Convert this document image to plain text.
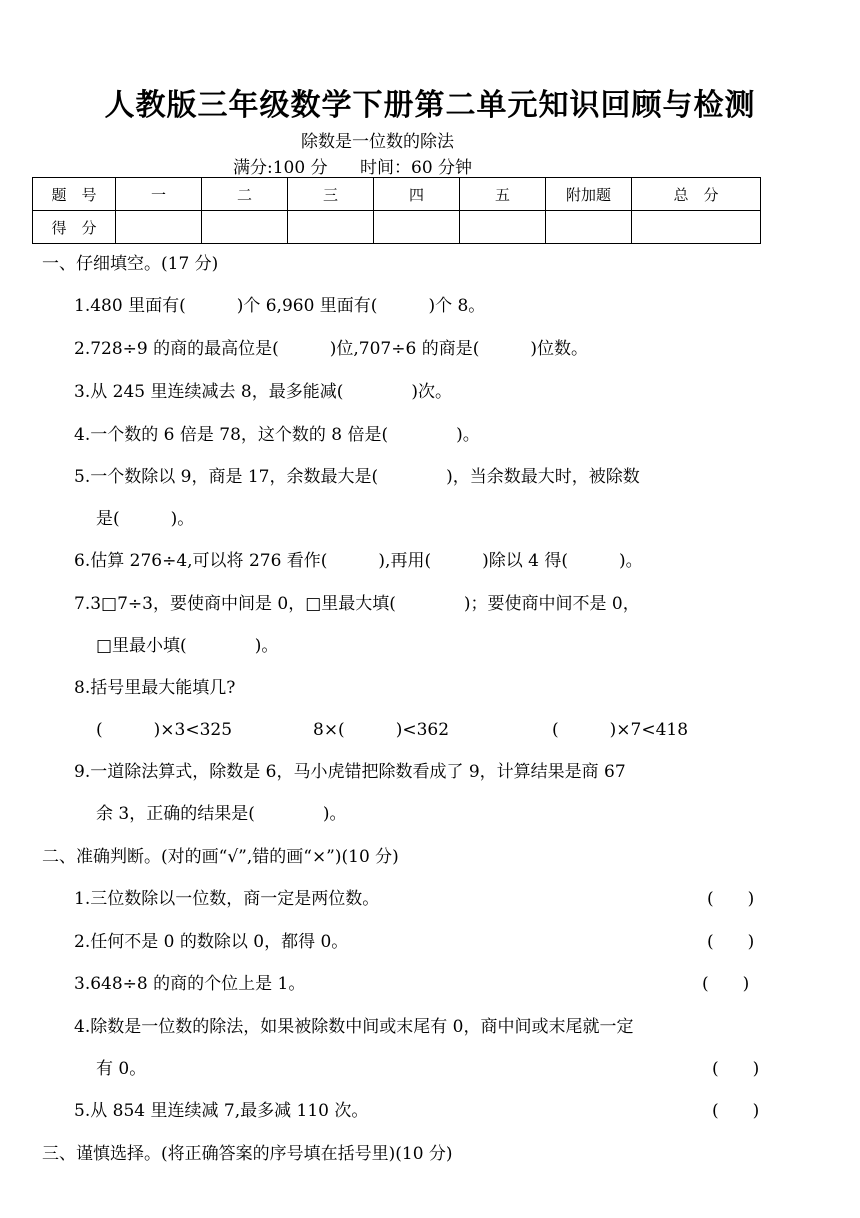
人教版三年级数学下册第二单元知识回顾与检测
除数是一位数的除法
满分:100 分      时间：60 分钟
题　号	一	二	三	四	五	附加题	总　分
得　分							
一、仔细填空。(17 分)
1.480 里面有(　　　)个 6,960 里面有(　　　)个 8。
2.728÷9 的商的最高位是(　　　)位,707÷6 的商是(　　　)位数。
3.从 245 里连续减去 8，最多能减(　　　　)次。
4.一个数的 6 倍是 78，这个数的 8 倍是(　　　　)。
5.一个数除以 9，商是 17，余数最大是(　　　　)，当余数最大时，被除数
是(　　　)。
6.估算 276÷4,可以将 276 看作(　　　),再用(　　　)除以 4 得(　　　)。
7.3□7÷3，要使商中间是 0，□里最大填(　　　　)；要使商中间不是 0，
□里最小填(　　　　)。
8.括号里最大能填几?
(　　　)×3<325	8×(　　　)<362	(　　　)×7<418
9.一道除法算式，除数是 6，马小虎错把除数看成了 9，计算结果是商 67
余 3，正确的结果是(　　　　)。
二、准确判断。(对的画“√”,错的画“×”)(10 分)
1.三位数除以一位数，商一定是两位数。	(　　)
2.任何不是 0 的数除以 0，都得 0。	(　　)
3.648÷8 的商的个位上是 1。	(　　)
4.除数是一位数的除法，如果被除数中间或末尾有 0，商中间或末尾就一定
有 0。	(　　)
5.从 854 里连续减 7,最多减 110 次。	(　　)
三、谨慎选择。(将正确答案的序号填在括号里)(10 分)
